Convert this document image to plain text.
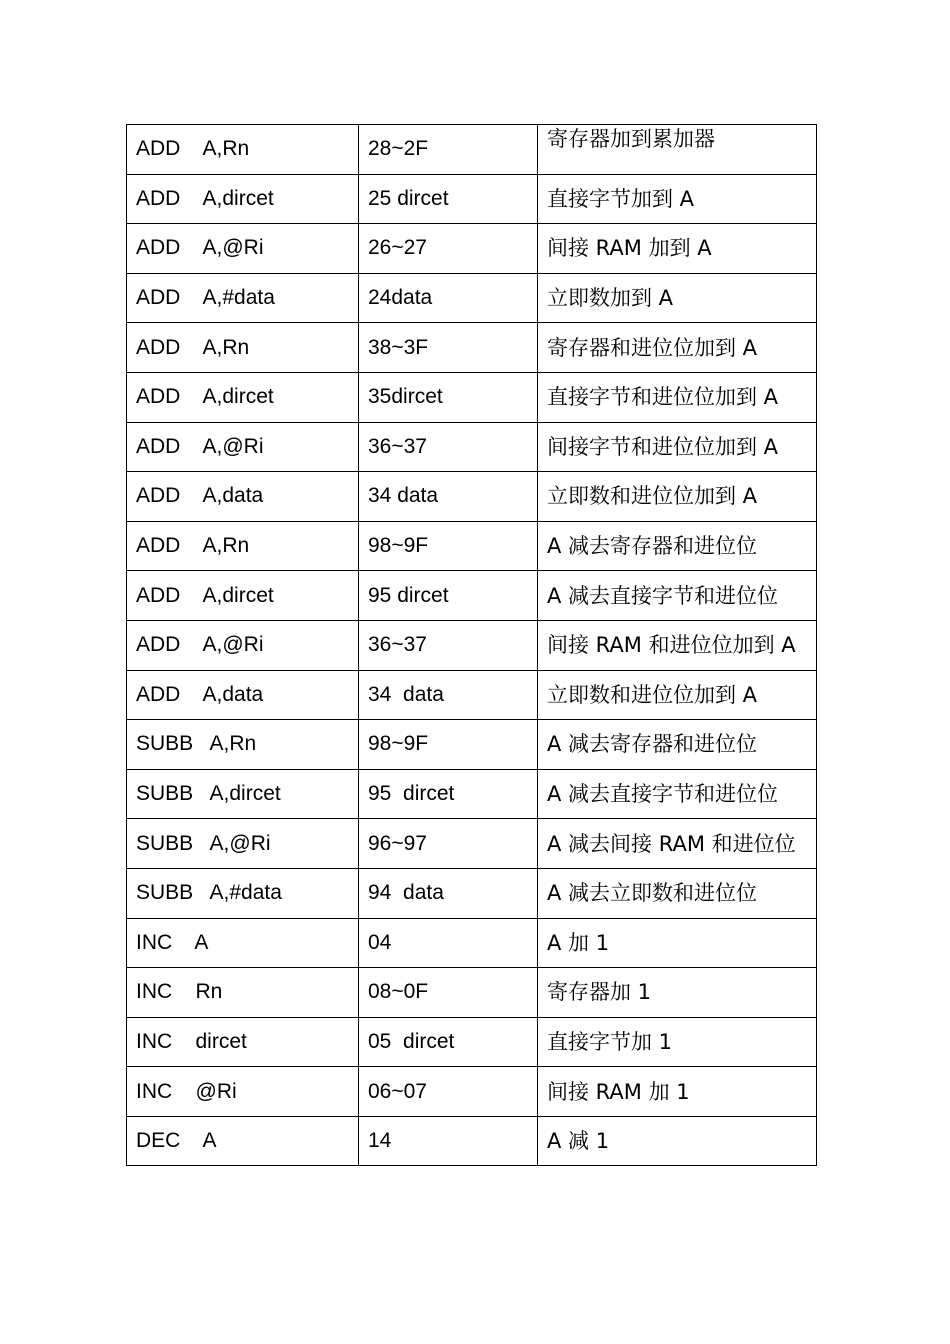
ADD    A,Rn	28~2F	寄存器加到累加器
ADD    A,dircet	25 dircet	直接字节加到 A
ADD    A,@Ri	26~27	间接 RAM 加到 A
ADD    A,#data	24data	立即数加到 A
ADD    A,Rn	38~3F	寄存器和进位位加到 A
ADD    A,dircet	35dircet	直接字节和进位位加到 A
ADD    A,@Ri	36~37	间接字节和进位位加到 A
ADD    A,data	34 data	立即数和进位位加到 A
ADD    A,Rn	98~9F	A 减去寄存器和进位位
ADD    A,dircet	95 dircet	A 减去直接字节和进位位
ADD    A,@Ri	36~37	间接 RAM 和进位位加到 A
ADD    A,data	34  data	立即数和进位位加到 A
SUBB   A,Rn	98~9F	A 减去寄存器和进位位
SUBB   A,dircet	95  dircet	A 减去直接字节和进位位
SUBB   A,@Ri	96~97	A 减去间接 RAM 和进位位
SUBB   A,#data	94  data	A 减去立即数和进位位
INC    A	04	A 加 1
INC    Rn	08~0F	寄存器加 1
INC    dircet	05  dircet	直接字节加 1
INC    @Ri	06~07	间接 RAM 加 1
DEC    A	14	A 减 1
